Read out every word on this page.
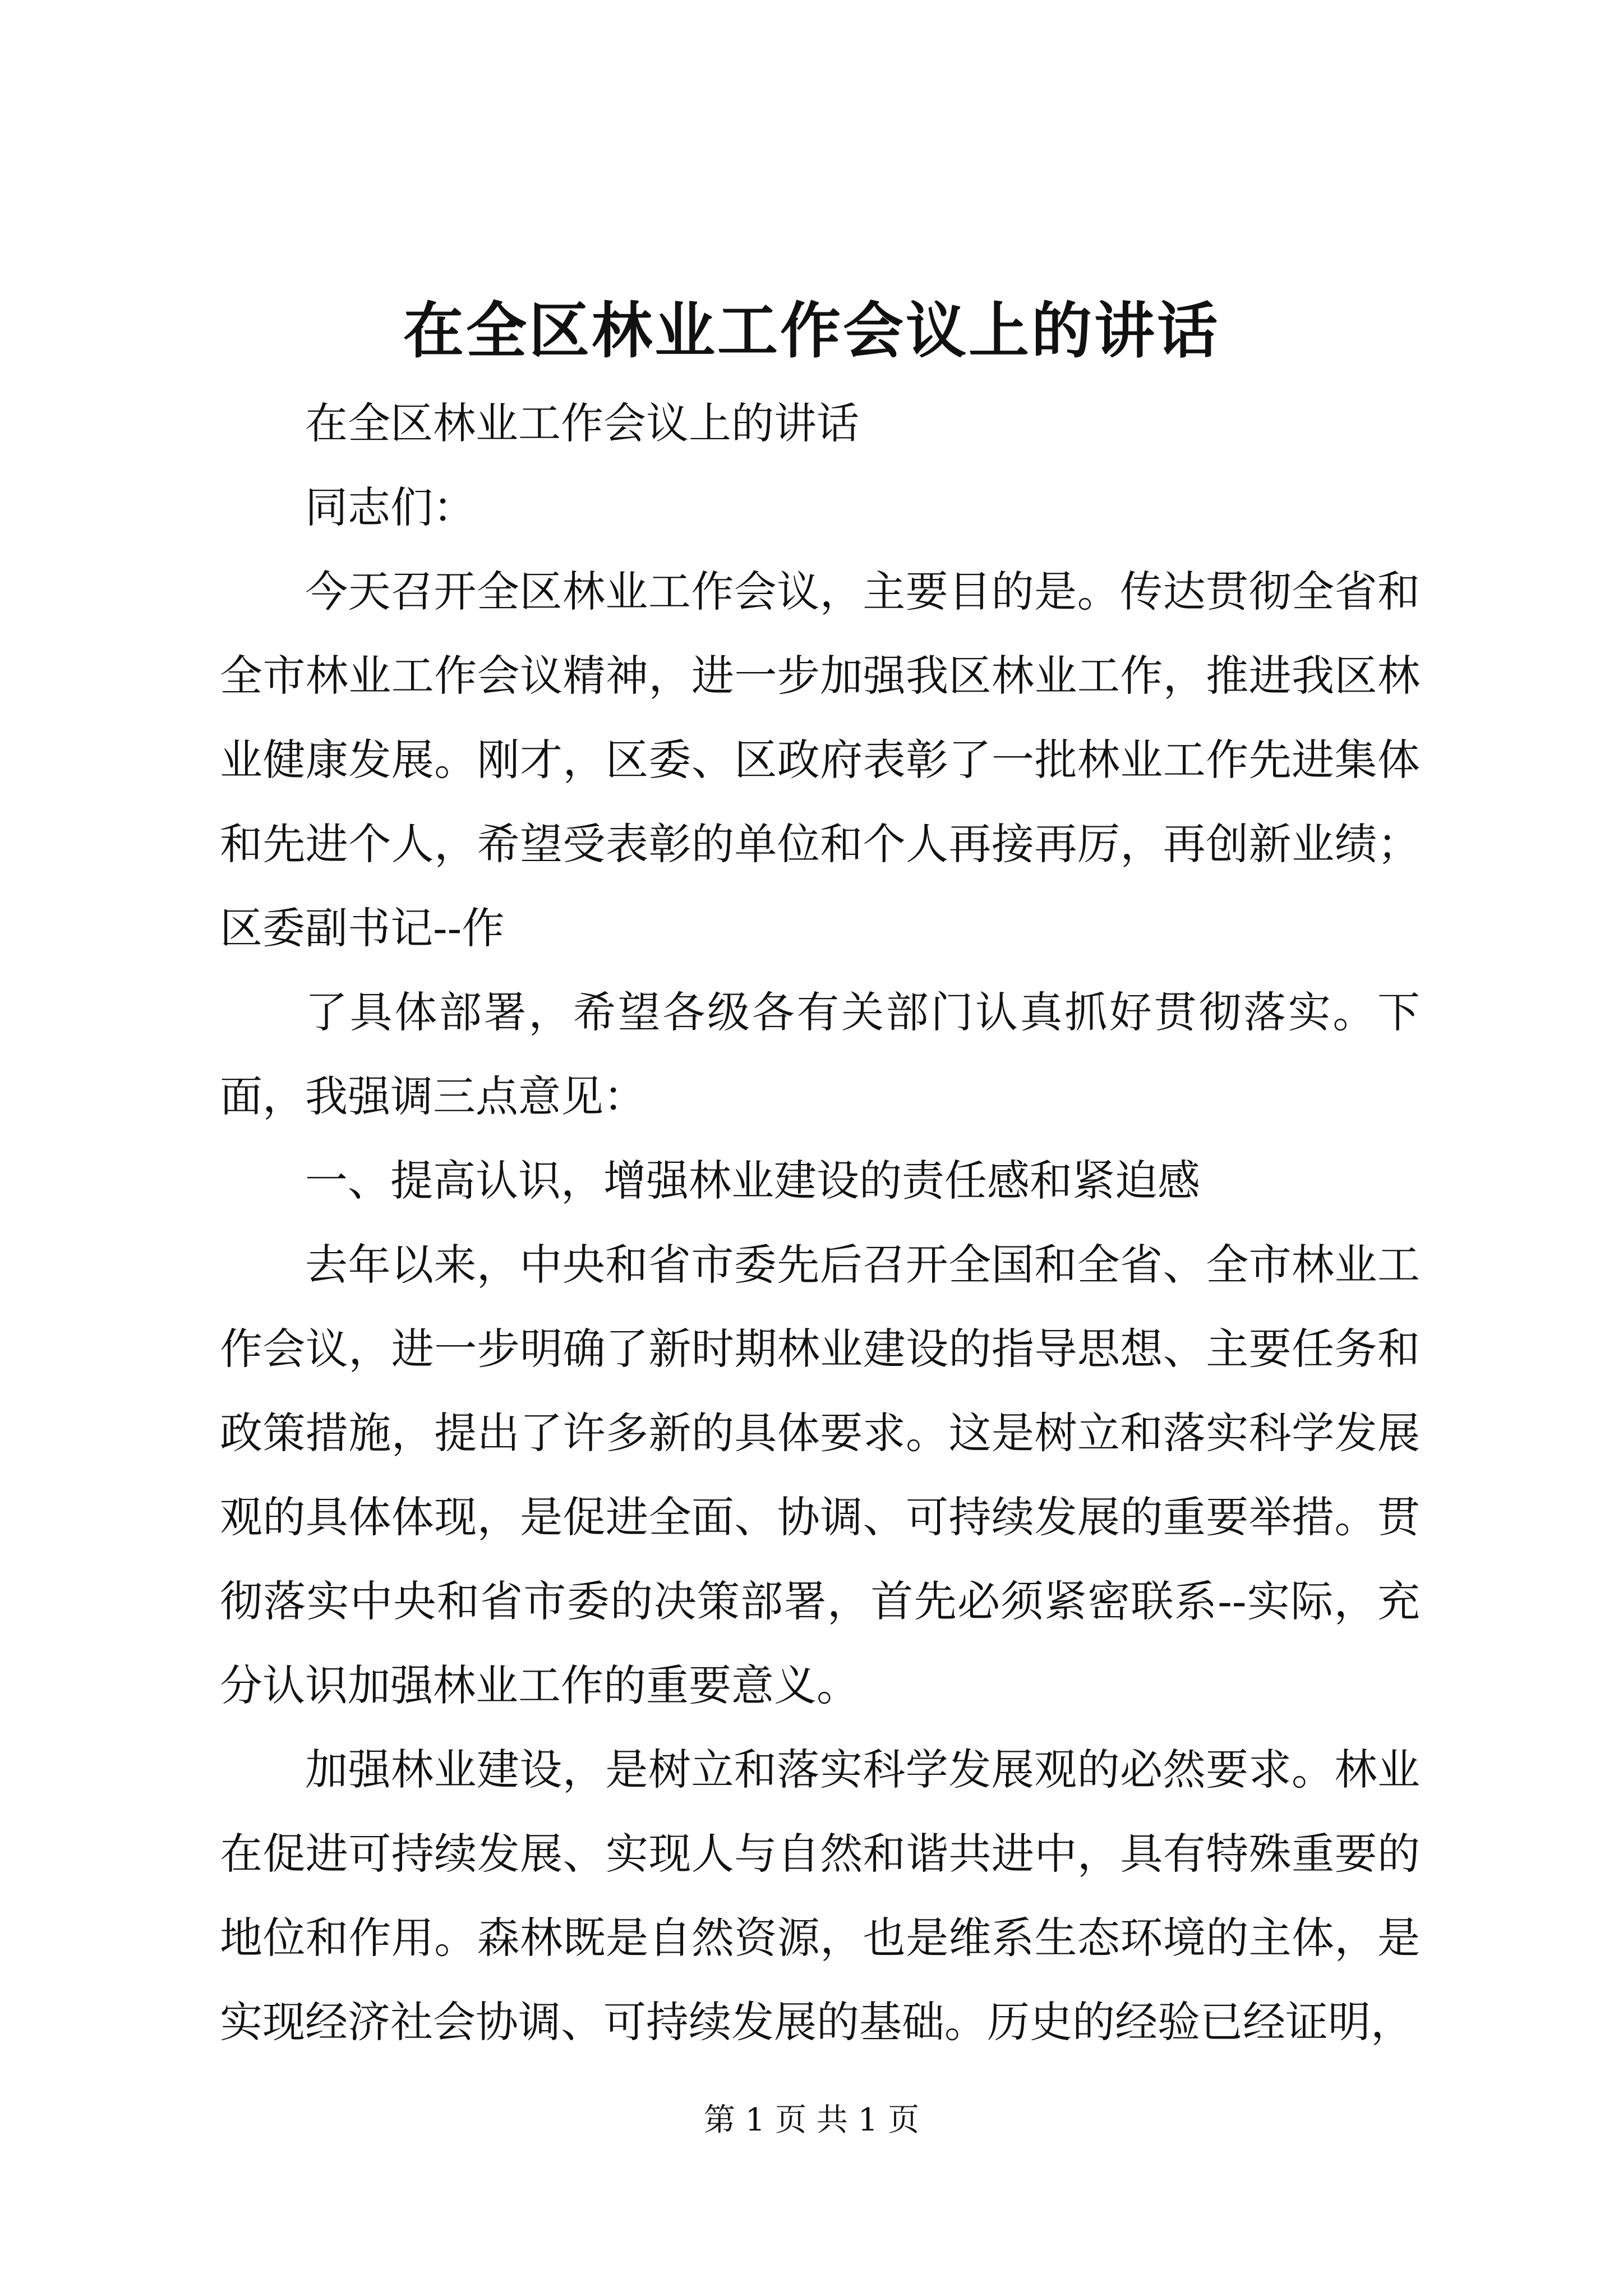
在全区林业工作会议上的讲话

在全区林业工作会议上的讲话

同志们：

今天召开全区林业工作会议，主要目的是。传达贯彻全省和全市林业工作会议精神，进一步加强我区林业工作，推进我区林业健康发展。刚才，区委、区政府表彰了一批林业工作先进集体和先进个人，希望受表彰的单位和个人再接再厉，再创新业绩；区委副书记--作

了具体部署，希望各级各有关部门认真抓好贯彻落实。下面，我强调三点意见：

一、提高认识，增强林业建设的责任感和紧迫感

去年以来，中央和省市委先后召开全国和全省、全市林业工作会议，进一步明确了新时期林业建设的指导思想、主要任务和政策措施，提出了许多新的具体要求。这是树立和落实科学发展观的具体体现，是促进全面、协调、可持续发展的重要举措。贯彻落实中央和省市委的决策部署，首先必须紧密联系--实际，充分认识加强林业工作的重要意义。

加强林业建设，是树立和落实科学发展观的必然要求。林业在促进可持续发展、实现人与自然和谐共进中，具有特殊重要的地位和作用。森林既是自然资源，也是维系生态环境的主体，是实现经济社会协调、可持续发展的基础。历史的经验已经证明，

第 1 页 共 1 页
